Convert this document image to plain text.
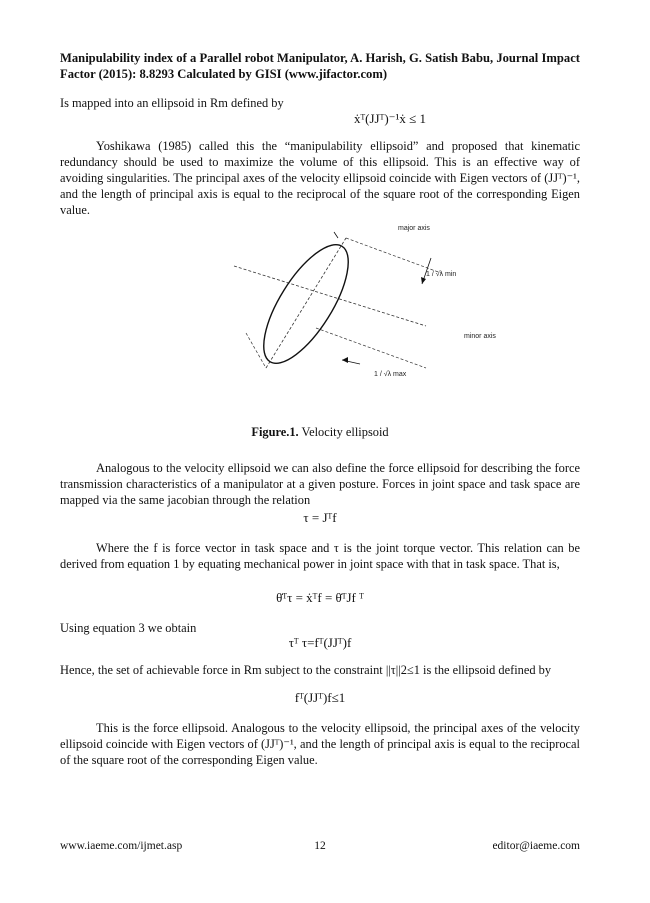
Manipulability index of a Parallel robot Manipulator, A. Harish, G. Satish Babu, Journal Impact Factor (2015): 8.8293 Calculated by GISI (www.jifactor.com)
Is mapped into an ellipsoid in Rm defined by
ẋᵀ(JJᵀ)⁻¹ẋ ≤ 1
Yoshikawa (1985) called this the “manipulability ellipsoid” and proposed that kinematic redundancy should be used to maximize the volume of this ellipsoid. This is an effective way of avoiding singularities. The principal axes of the velocity ellipsoid coincide with Eigen vectors of (JJᵀ)⁻¹, and the length of principal axis is equal to the reciprocal of the square root of the corresponding Eigen value.
major axis
minor axis
1 / √λ min
1 / √λ max
Figure.1. Velocity ellipsoid
Analogous to the velocity ellipsoid we can also define the force ellipsoid for describing the force transmission characteristics of a manipulator at a given posture. Forces in joint space and task space are mapped via the same jacobian through the relation
τ = Jᵀf
Where the f is force vector in task space and τ is the joint torque vector. This relation can be derived from equation 1 by equating mechanical power in joint space with that in task space. That is,
θ̇ᵀτ = ẋᵀf = θ̇ᵀJf ᵀ
Using equation 3 we obtain
τᵀ τ=fᵀ(JJᵀ)f
Hence, the set of achievable force in Rm subject to the constraint ||τ||2≤1 is the ellipsoid defined by
fᵀ(JJᵀ)f≤1
This is the force ellipsoid. Analogous to the velocity ellipsoid, the principal axes of the velocity ellipsoid coincide with Eigen vectors of (JJᵀ)⁻¹, and the length of principal axis is equal to the reciprocal of the square root of the corresponding Eigen value.
www.iaeme.com/ijmet.asp	12	editor@iaeme.com
